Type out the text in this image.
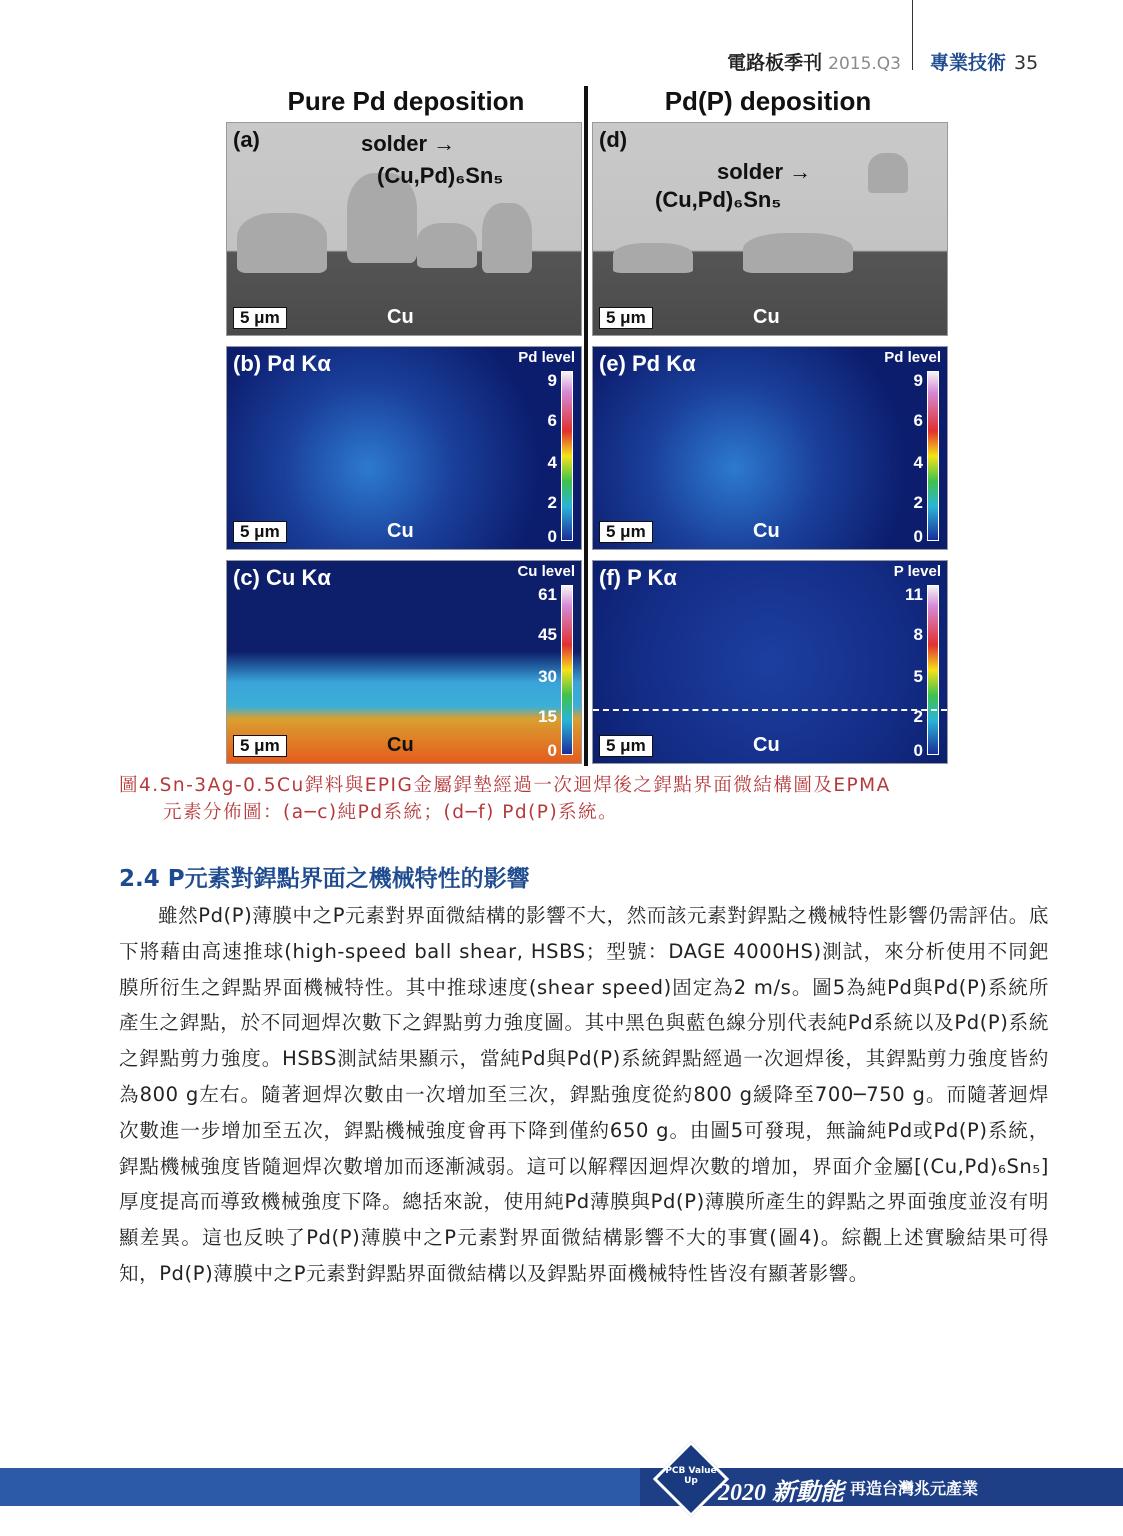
電路板季刊 2015.Q3 專業技術 35
Pure Pd deposition	Pd(P) deposition
(a)	solder →
(Cu,Pd)₆Sn₅
5 μm	Cu
(d)
solder →
(Cu,Pd)₆Sn₅
5 μm	Cu
(b) Pd Kα	Pd level
9
6
4
2
0
5 μm	Cu
(e) Pd Kα	Pd level
9
6
4
2
0
5 μm	Cu
(c) Cu Kα	Cu level
61
45
30
15
0
5 μm	Cu
(f) P Kα	P level
11
8
5
2
0
5 μm	Cu
圖4.Sn-3Ag-0.5Cu銲料與EPIG金屬銲墊經過一次迴焊後之銲點界面微結構圖及EPMA
元素分佈圖：(a─c)純Pd系統；(d─f) Pd(P)系統。
2.4 P元素對銲點界面之機械特性的影響

雖然Pd(P)薄膜中之P元素對界面微結構的影響不大，然而該元素對銲點之機械特性影響仍需評估。底下將藉由高速推球(high-speed ball shear, HSBS；型號：DAGE 4000HS)測試，來分析使用不同鈀膜所衍生之銲點界面機械特性。其中推球速度(shear speed)固定為2 m/s。圖5為純Pd與Pd(P)系統所產生之銲點，於不同迴焊次數下之銲點剪力強度圖。其中黑色與藍色線分別代表純Pd系統以及Pd(P)系統之銲點剪力強度。HSBS測試結果顯示，當純Pd與Pd(P)系統銲點經過一次迴焊後，其銲點剪力強度皆約為800 g左右。隨著迴焊次數由一次增加至三次，銲點強度從約800 g緩降至700─750 g。而隨著迴焊次數進一步增加至五次，銲點機械強度會再下降到僅約650 g。由圖5可發現，無論純Pd或Pd(P)系統，銲點機械強度皆隨迴焊次數增加而逐漸減弱。這可以解釋因迴焊次數的增加，界面介金屬[(Cu,Pd)₆Sn₅]厚度提高而導致機械強度下降。總括來說，使用純Pd薄膜與Pd(P)薄膜所產生的銲點之界面強度並沒有明顯差異。這也反映了Pd(P)薄膜中之P元素對界面微結構影響不大的事實(圖4)。綜觀上述實驗結果可得知，Pd(P)薄膜中之P元素對銲點界面微結構以及銲點界面機械特性皆沒有顯著影響。

PCB Value Up 2020 新動能 再造台灣兆元產業
